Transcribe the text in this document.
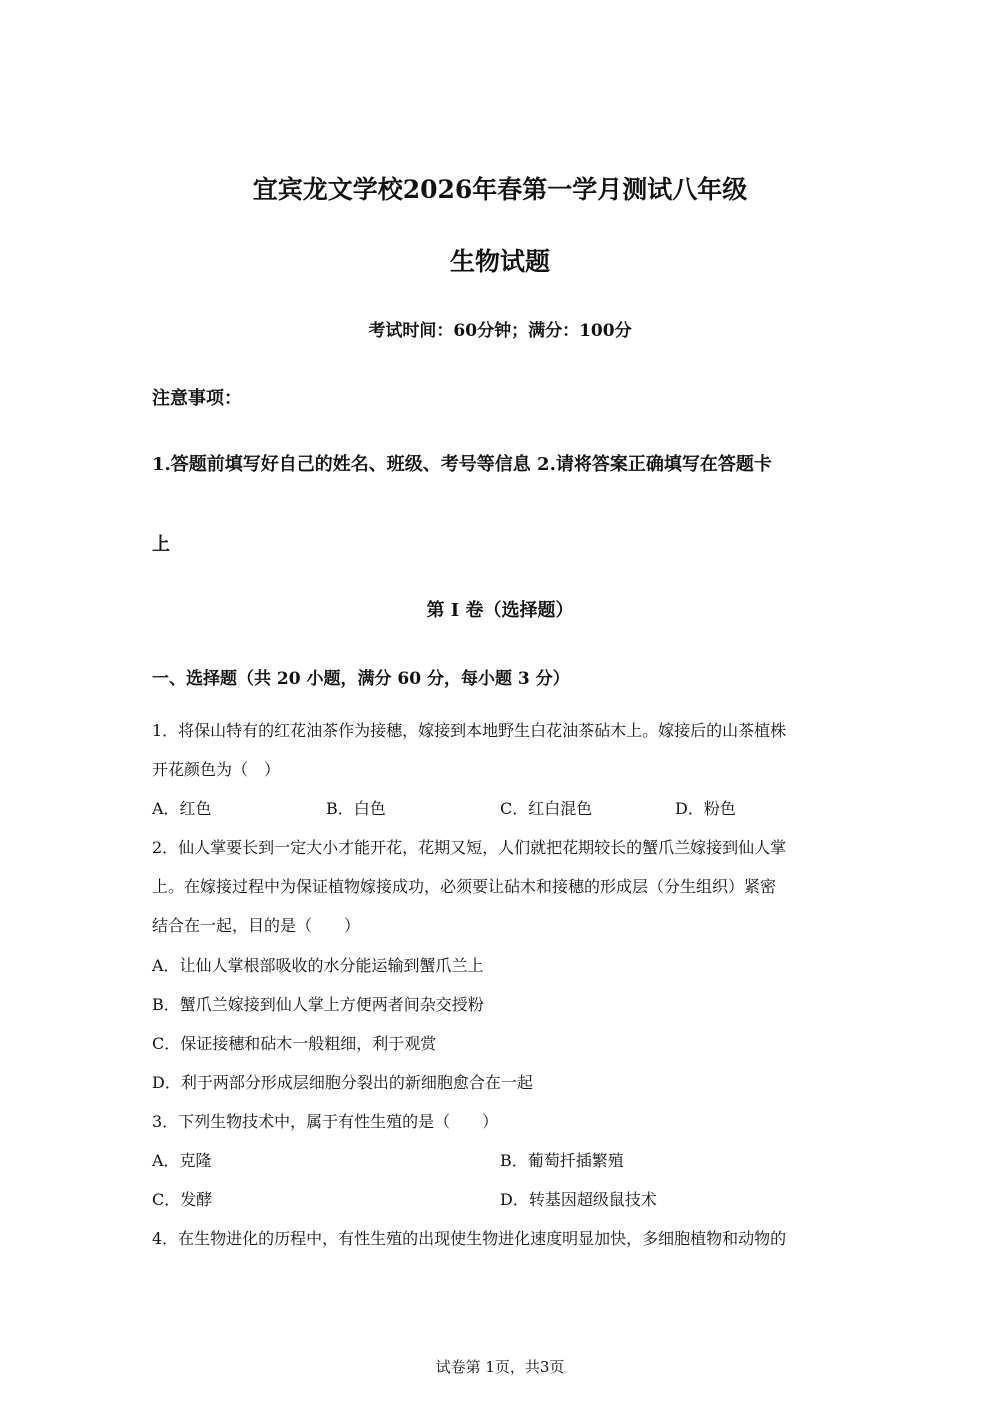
宜宾龙文学校2026年春第一学月测试八年级
生物试题
考试时间：60分钟；满分：100分
注意事项：
1.答题前填写好自己的姓名、班级、考号等信息 2.请将答案正确填写在答题卡
上
第 I 卷（选择题）
一、选择题（共 20 小题，满分 60 分，每小题 3 分）
1．将保山特有的红花油茶作为接穗，嫁接到本地野生白花油茶砧木上。嫁接后的山茶植株
开花颜色为（　）
A．红色	B．白色	C．红白混色	D．粉色
2．仙人掌要长到一定大小才能开花，花期又短，人们就把花期较长的蟹爪兰嫁接到仙人掌
上。在嫁接过程中为保证植物嫁接成功，必须要让砧木和接穗的形成层（分生组织）紧密
结合在一起，目的是（　　）
A．让仙人掌根部吸收的水分能运输到蟹爪兰上
B．蟹爪兰嫁接到仙人掌上方便两者间杂交授粉
C．保证接穗和砧木一般粗细，利于观赏
D．利于两部分形成层细胞分裂出的新细胞愈合在一起
3．下列生物技术中，属于有性生殖的是（　　）
A．克隆	B．葡萄扦插繁殖
C．发酵	D．转基因超级鼠技术
4．在生物进化的历程中，有性生殖的出现使生物进化速度明显加快，多细胞植物和动物的
试卷第 1页，共3页
